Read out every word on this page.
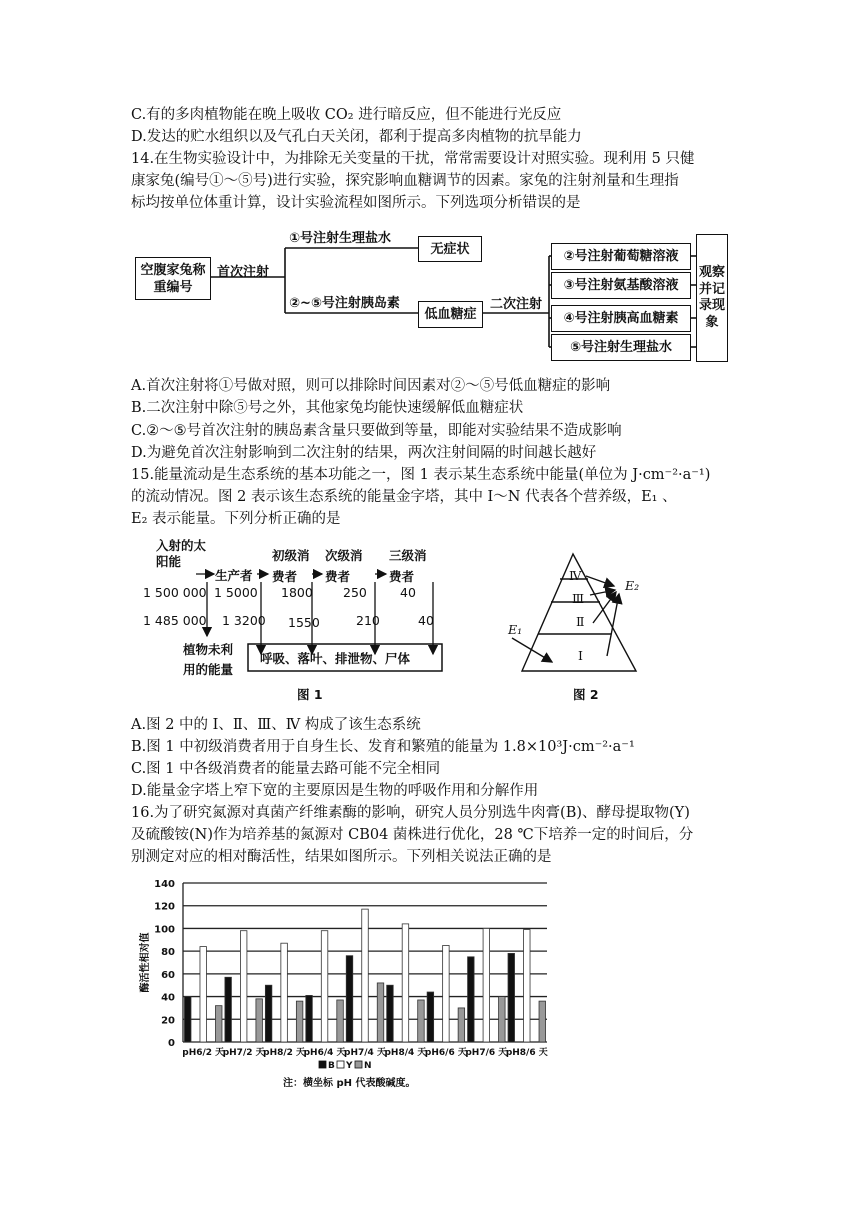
C.有的多肉植物能在晚上吸收 CO₂ 进行暗反应，但不能进行光反应
D.发达的贮水组织以及气孔白天关闭，都利于提高多肉植物的抗旱能力
14.在生物实验设计中，为排除无关变量的干扰，常常需要设计对照实验。现利用 5 只健
康家兔(编号①～⑤号)进行实验，探究影响血糖调节的因素。家兔的注射剂量和生理指
标均按单位体重计算，设计实验流程如图所示。下列选项分析错误的是
空腹家兔称重编号
首次注射
①号注射生理盐水
②~⑤号注射胰岛素
无症状
低血糖症
二次注射
②号注射葡萄糖溶液
③号注射氨基酸溶液
④号注射胰高血糖素
⑤号注射生理盐水
观察并记录现象
A.首次注射将①号做对照，则可以排除时间因素对②～⑤号低血糖症的影响
B.二次注射中除⑤号之外，其他家兔均能快速缓解低血糖症状
C.②～⑤号首次注射的胰岛素含量只要做到等量，即能对实验结果不造成影响
D.为避免首次注射影响到二次注射的结果，两次注射间隔的时间越长越好
15.能量流动是生态系统的基本功能之一，图 1 表示某生态系统中能量(单位为 J·cm⁻²·a⁻¹)
的流动情况。图 2 表示该生态系统的能量金字塔，其中 I～N 代表各个营养级，E₁ 、
E₂ 表示能量。下列分析正确的是
入射的太阳能
生产者
初级消费者
次级消费者
三级消费者
1 500 000 1 5000 1800 250	40
1 485 000 1 3200 1550	210	40
植物未利用的能量
呼吸、落叶、排泄物、尸体
图 1
Ⅳ
Ⅲ
Ⅱ
I
E₁
E₂
图 2
A.图 2 中的 I、Ⅱ、Ⅲ、Ⅳ 构成了该生态系统
B.图 1 中初级消费者用于自身生长、发育和繁殖的能量为 1.8×10³J·cm⁻²·a⁻¹
C.图 1 中各级消费者的能量去路可能不完全相同
D.能量金字塔上窄下宽的主要原因是生物的呼吸作用和分解作用
16.为了研究氮源对真菌产纤维素酶的影响，研究人员分别选牛肉膏(B)、酵母提取物(Y)
及硫酸铵(N)作为培养基的氮源对 CB04 菌株进行优化，28 ℃下培养一定的时间后，分
别测定对应的相对酶活性，结果如图所示。下列相关说法正确的是
0
20
40
60
80
100
120
140
酶活性相对值
pH6/2 天
pH7/2 天
pH8/2 天
pH6/4 天
pH7/4 天
pH8/4 天
pH6/6 天
pH7/6 天
pH8/6 天
B Y N
注：横坐标 pH 代表酸碱度。
